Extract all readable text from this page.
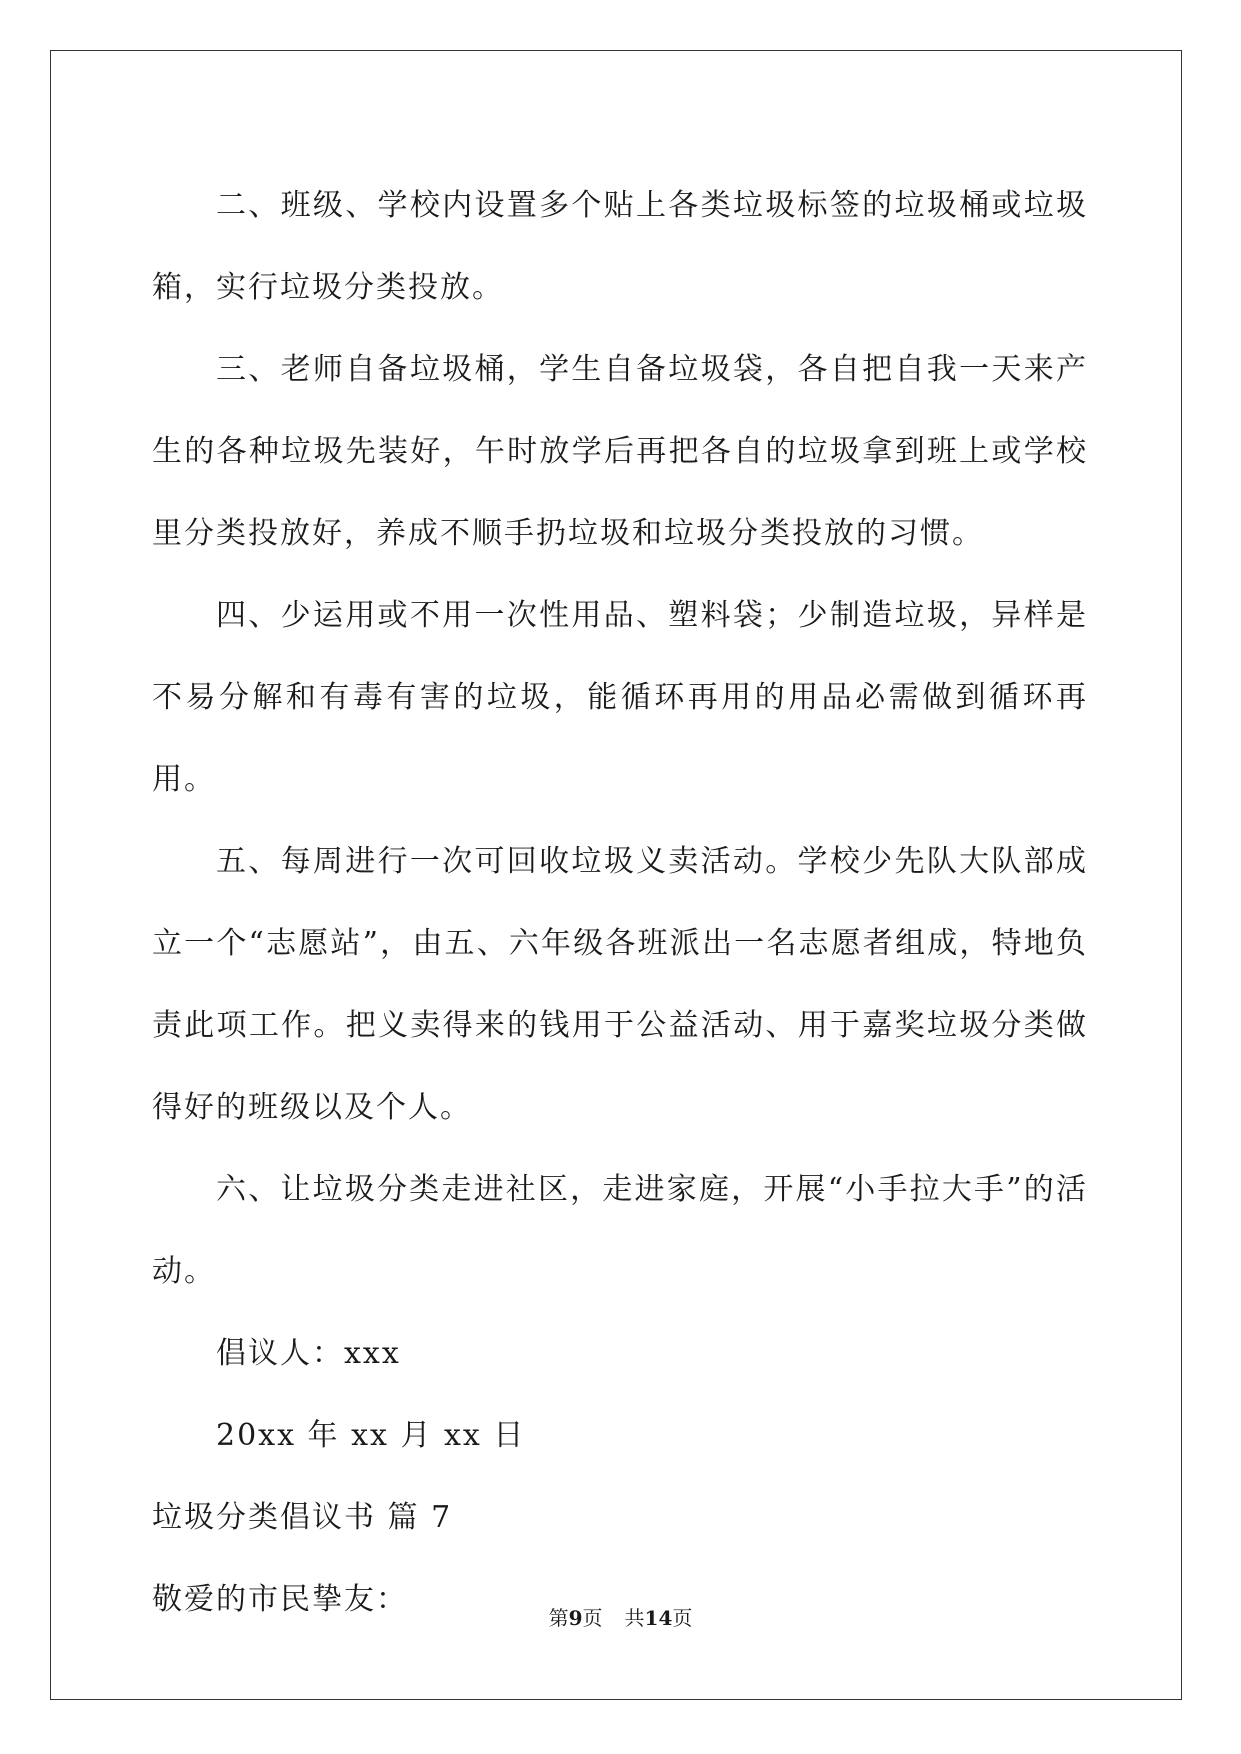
二、班级、学校内设置多个贴上各类垃圾标签的垃圾桶或垃圾箱，实行垃圾分类投放。

三、老师自备垃圾桶，学生自备垃圾袋，各自把自我一天来产生的各种垃圾先装好，午时放学后再把各自的垃圾拿到班上或学校里分类投放好，养成不顺手扔垃圾和垃圾分类投放的习惯。

四、少运用或不用一次性用品、塑料袋；少制造垃圾，异样是不易分解和有毒有害的垃圾，能循环再用的用品必需做到循环再用。

五、每周进行一次可回收垃圾义卖活动。学校少先队大队部成立一个“志愿站”，由五、六年级各班派出一名志愿者组成，特地负责此项工作。把义卖得来的钱用于公益活动、用于嘉奖垃圾分类做得好的班级以及个人。

六、让垃圾分类走进社区，走进家庭，开展“小手拉大手”的活动。

倡议人：xxx

20xx 年 xx 月 xx 日

垃圾分类倡议书 篇 7

敬爱的市民挚友：

第9页 共14页
